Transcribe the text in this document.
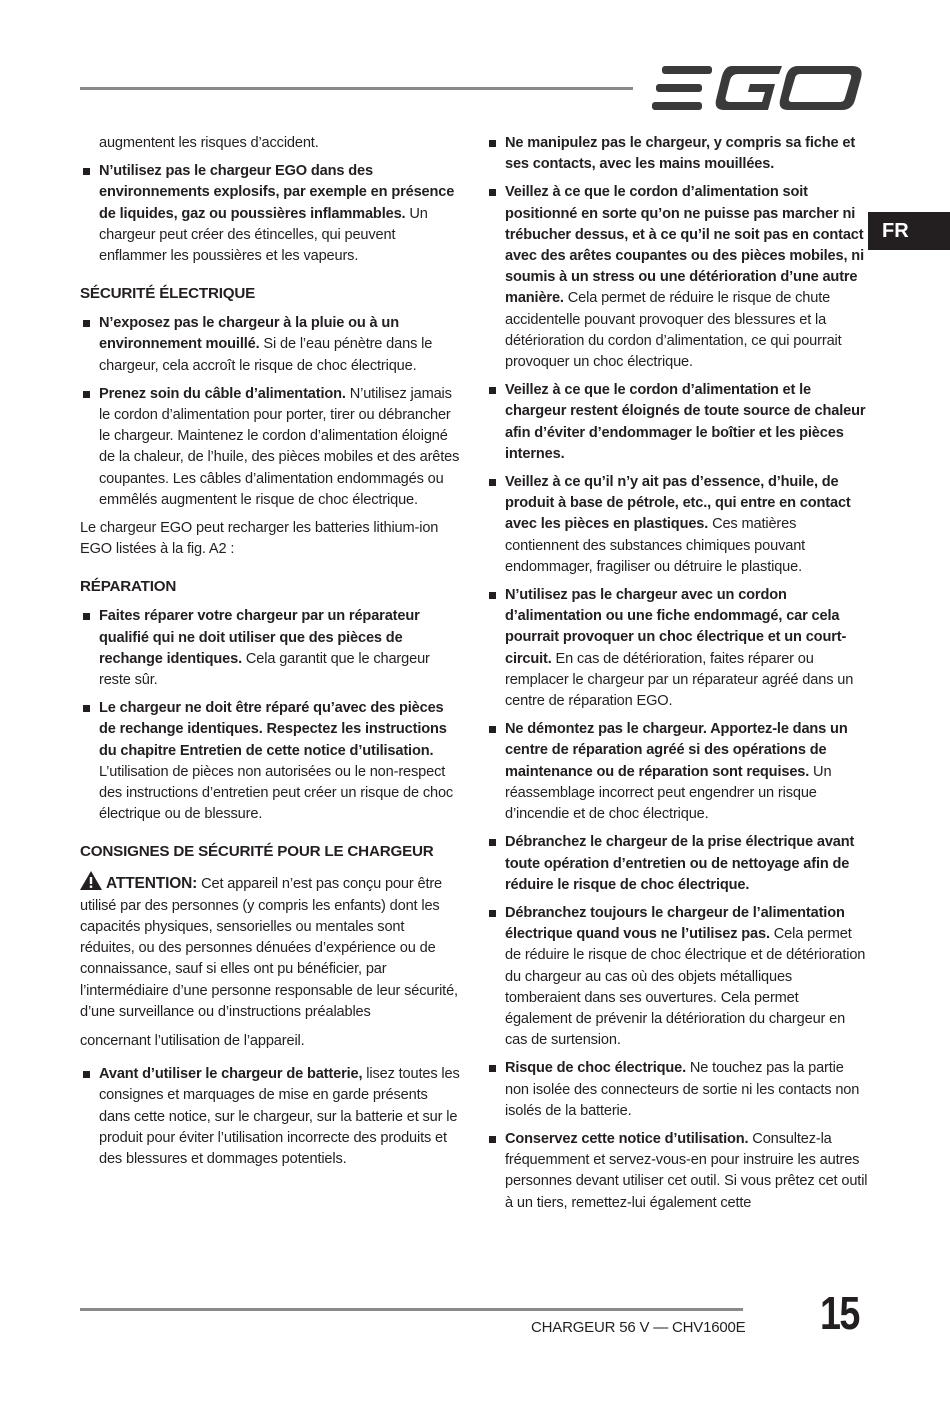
FR

augmentent les risques d’accident.

N’utilisez pas le chargeur EGO dans des environnements explosifs, par exemple en présence de liquides, gaz ou poussières inflammables. Un chargeur peut créer des étincelles, qui peuvent enflammer les poussières et les vapeurs.
SÉCURITÉ ÉLECTRIQUE
N’exposez pas le chargeur à la pluie ou à un environnement mouillé. Si de l’eau pénètre dans le chargeur, cela accroît le risque de choc électrique.
Prenez soin du câble d’alimentation. N’utilisez jamais le cordon d’alimentation pour porter, tirer ou débrancher le chargeur. Maintenez le cordon d’alimentation éloigné de la chaleur, de l’huile, des pièces mobiles et des arêtes coupantes. Les câbles d’alimentation endommagés ou emmêlés augmentent le risque de choc électrique.

Le chargeur EGO peut recharger les batteries lithium-ion EGO listées à la fig. A2 :

RÉPARATION
Faites réparer votre chargeur par un réparateur qualifié qui ne doit utiliser que des pièces de rechange identiques. Cela garantit que le chargeur reste sûr.
Le chargeur ne doit être réparé qu’avec des pièces de rechange identiques. Respectez les instructions du chapitre Entretien de cette notice d’utilisation. L’utilisation de pièces non autorisées ou le non-respect des instructions d’entretien peut créer un risque de choc électrique ou de blessure.
CONSIGNES DE SÉCURITÉ POUR LE CHARGEUR

ATTENTION: Cet appareil n’est pas conçu pour être utilisé par des personnes (y compris les enfants) dont les capacités physiques, sensorielles ou mentales sont réduites, ou des personnes dénuées d’expérience ou de connaissance, sauf si elles ont pu bénéficier, par l’intermédiaire d’une personne responsable de leur sécurité, d’une surveillance ou d’instructions préalables

concernant l’utilisation de l’appareil.

Avant d’utiliser le chargeur de batterie, lisez toutes les consignes et marquages de mise en garde présents dans cette notice, sur le chargeur, sur la batterie et sur le produit pour éviter l’utilisation incorrecte des produits et des blessures et dommages potentiels.
Ne manipulez pas le chargeur, y compris sa fiche et ses contacts, avec les mains mouillées.
Veillez à ce que le cordon d’alimentation soit positionné en sorte qu’on ne puisse pas marcher ni trébucher dessus, et à ce qu’il ne soit pas en contact avec des arêtes coupantes ou des pièces mobiles, ni soumis à un stress ou une détérioration d’une autre manière. Cela permet de réduire le risque de chute accidentelle pouvant provoquer des blessures et la détérioration du cordon d’alimentation, ce qui pourrait provoquer un choc électrique.
Veillez à ce que le cordon d’alimentation et le chargeur restent éloignés de toute source de chaleur afin d’éviter d’endommager le boîtier et les pièces internes.
Veillez à ce qu’il n’y ait pas d’essence, d’huile, de produit à base de pétrole, etc., qui entre en contact avec les pièces en plastiques. Ces matières contiennent des substances chimiques pouvant endommager, fragiliser ou détruire le plastique.
N’utilisez pas le chargeur avec un cordon d’alimentation ou une fiche endommagé, car cela pourrait provoquer un choc électrique et un court-circuit. En cas de détérioration, faites réparer ou remplacer le chargeur par un réparateur agréé dans un centre de réparation EGO.
Ne démontez pas le chargeur. Apportez-le dans un centre de réparation agréé si des opérations de maintenance ou de réparation sont requises. Un réassemblage incorrect peut engendrer un risque d’incendie et de choc électrique.
Débranchez le chargeur de la prise électrique avant toute opération d’entretien ou de nettoyage afin de réduire le risque de choc électrique.
Débranchez toujours le chargeur de l’alimentation électrique quand vous ne l’utilisez pas. Cela permet de réduire le risque de choc électrique et de détérioration du chargeur au cas où des objets métalliques tomberaient dans ses ouvertures. Cela permet également de prévenir la détérioration du chargeur en cas de surtension.
Risque de choc électrique. Ne touchez pas la partie non isolée des connecteurs de sortie ni les contacts non isolés de la batterie.
Conservez cette notice d’utilisation. Consultez-la fréquemment et servez-vous-en pour instruire les autres personnes devant utiliser cet outil. Si vous prêtez cet outil à un tiers, remettez-lui également cette
CHARGEUR 56 V — CHV1600E 15
